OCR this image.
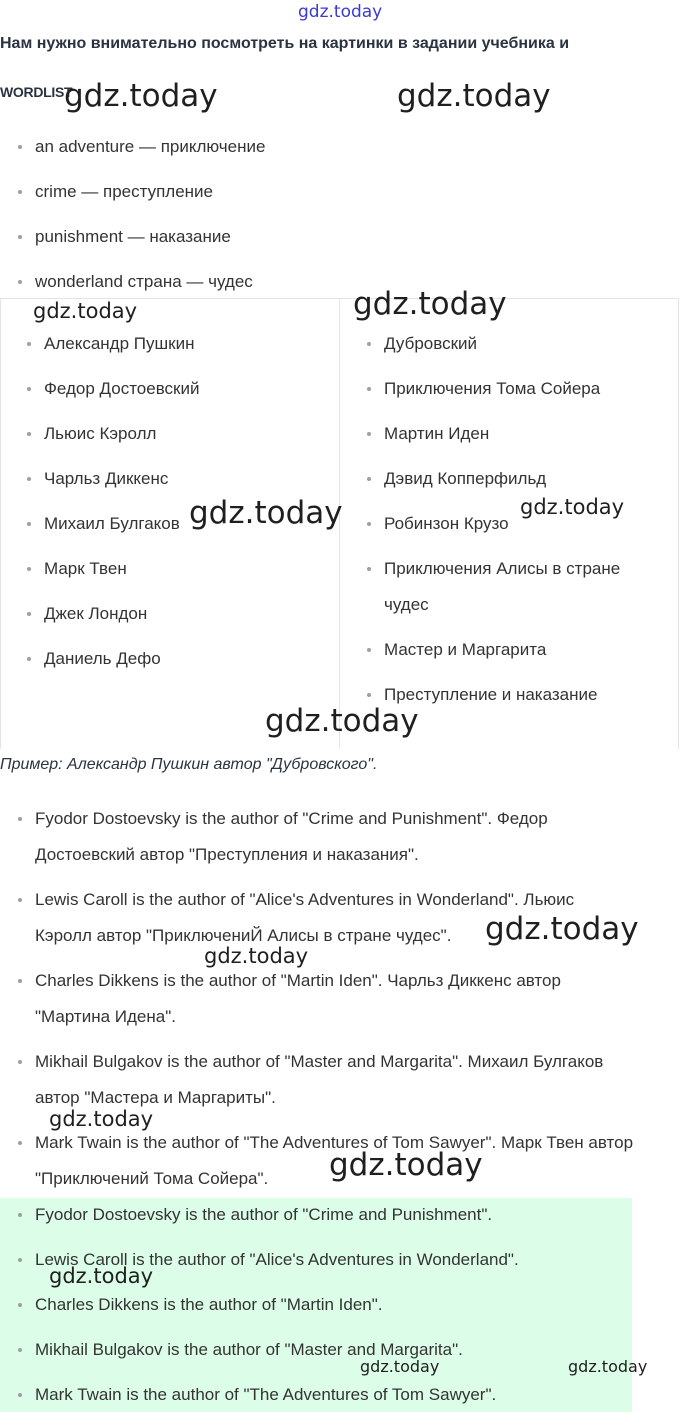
gdz.today
Нам нужно внимательно посмотреть на картинки в задании учебника и
WORDLIST
an adventure — приключение
crime — преступление
punishment — наказание
wonderland страна — чудес
Александр Пушкин
Федор Достоевский
Льюис Кэролл
Чарльз Диккенс
Михаил Булгаков
Марк Твен
Джек Лондон
Даниель Дефо
Дубровский
Приключения Тома Сойера
Мартин Иден
Дэвид Копперфильд
Робинзон Крузо
Приключения Алисы в стране
чудес
Мастер и Маргарита
Преступление и наказание
Пример: Александр Пушкин автор "Дубровского".
Fyodor Dostoevsky is the author of "Crime and Punishment". Федор
Достоевский автор "Преступления и наказания".
Lewis Caroll is the author of "Alice's Adventures in Wonderland". Льюис
Кэролл автор "ПриключениЙ Алисы в стране чудес".
Charles Dikkens is the author of "Martin Iden". Чарльз Диккенс автор
"Мартина Идена".
Mikhail Bulgakov is the author of "Master and Margarita". Михаил Булгаков
автор "Мастера и Маргариты".
Mark Twain is the author of "The Adventures of Tom Sawyer". Марк Твен автор
"Приключений Тома Сойера".
Fyodor Dostoevsky is the author of "Crime and Punishment".
Lewis Caroll is the author of "Alice's Adventures in Wonderland".
Charles Dikkens is the author of "Martin Iden".
Mikhail Bulgakov is the author of "Master and Margarita".
Mark Twain is the author of "The Adventures of Tom Sawyer".
gdz.today	gdz.today
gdz.today	gdz.today
gdz.today	gdz.today
gdz.today
gdz.today
gdz.today
gdz.today
gdz.today
gdz.today
gdz.today	gdz.today
